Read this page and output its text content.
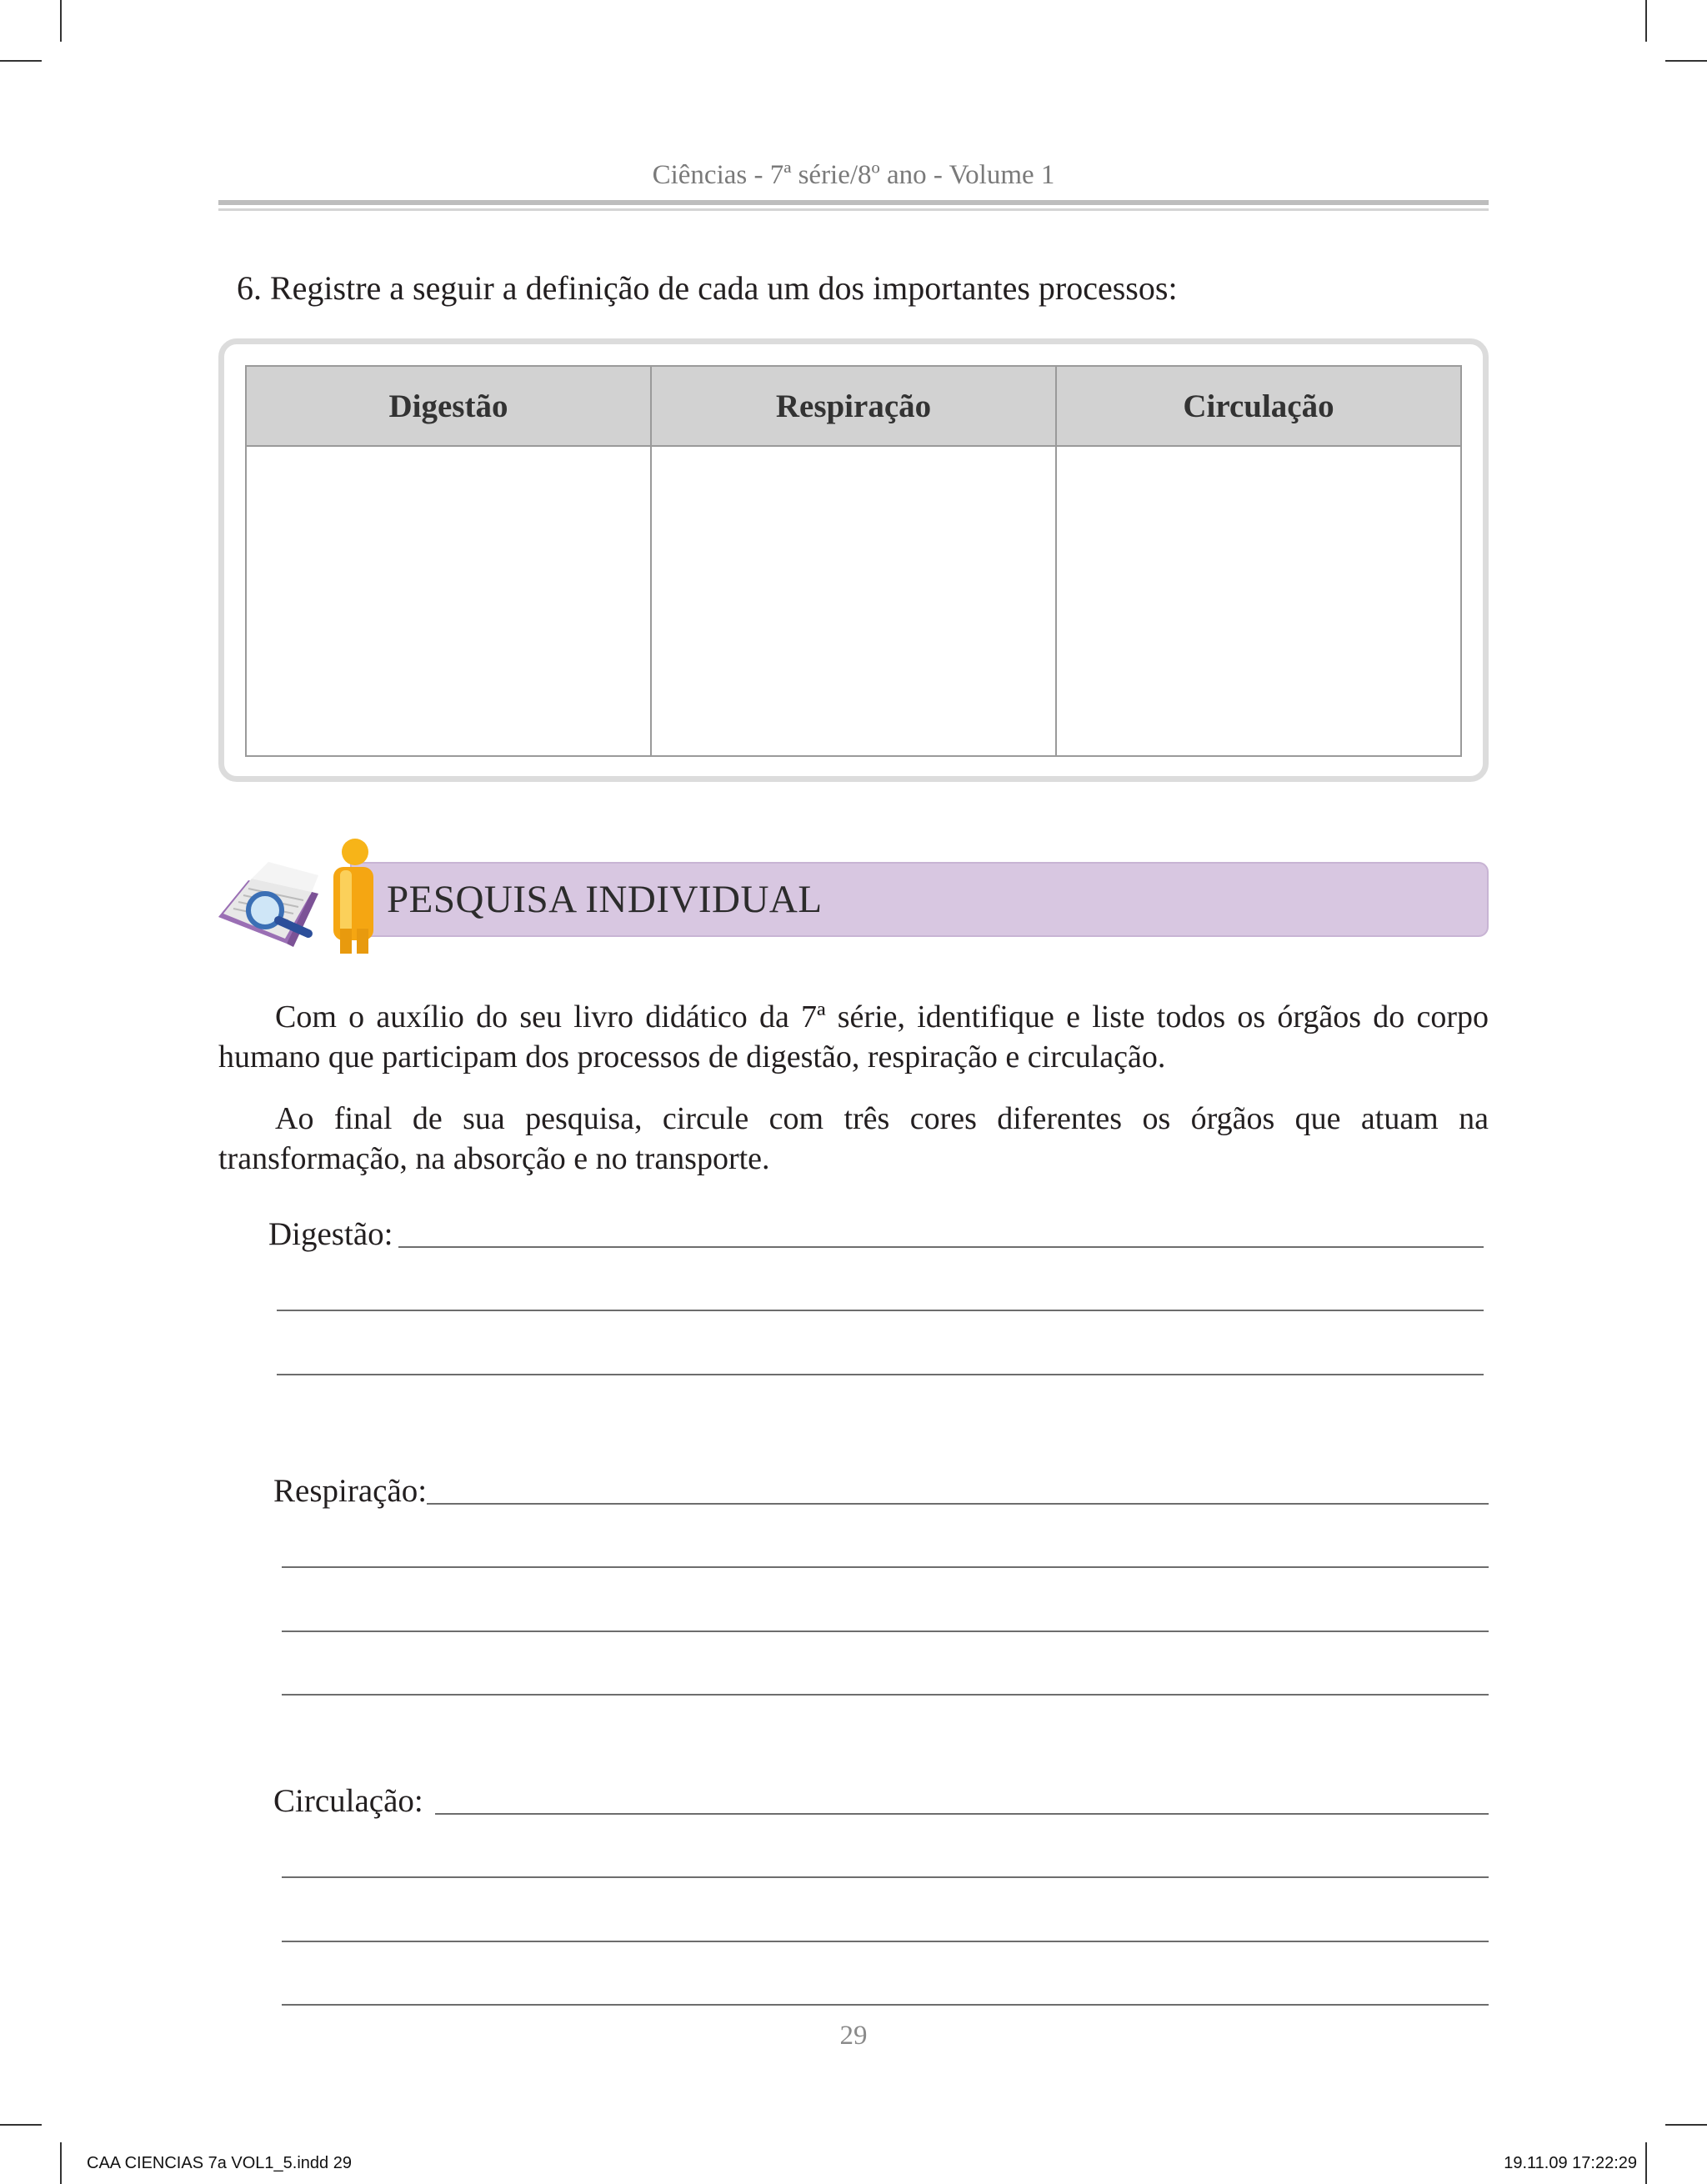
Ciências - 7ª série/8º ano - Volume 1
6. Registre a seguir a definição de cada um dos importantes processos:
Digestão	Respiração	Circulação

PESQUISA INDIVIDUAL

Com o auxílio do seu livro didático da 7ª série, identifique e liste todos os órgãos do corpo humano que participam dos processos de digestão, respiração e circulação.

Ao final de sua pesquisa, circule com três cores diferentes os órgãos que atuam na transformação, na absorção e no transporte.

Digestão:
Respiração:
Circulação:
29
CAA CIENCIAS 7a VOL1_5.indd 29	19.11.09 17:22:29
